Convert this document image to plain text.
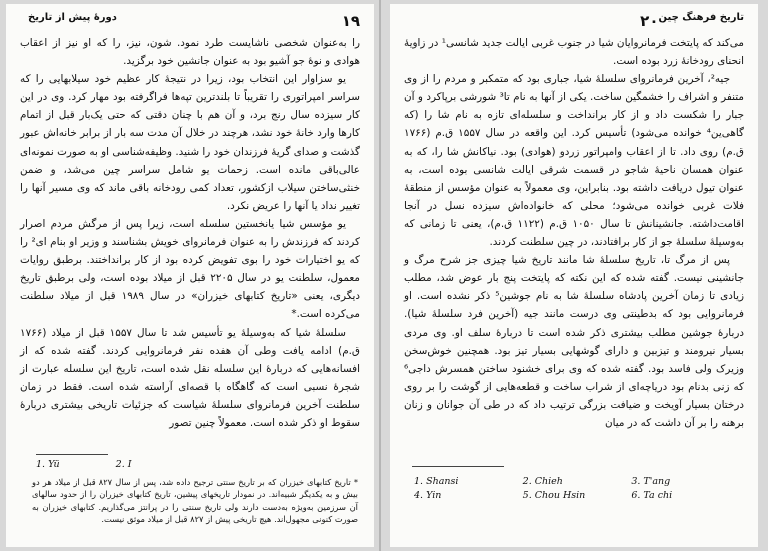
۱۹
دورهٔ پیش از تاریخ

را به‌عنوان شخصی ناشایست طرد نمود. شون، نیز، را که او نیز از اعقاب هوادی و نوهٔ جو آشیو بود به عنوان جانشین خود برگزید.

یو سزاوار این انتخاب بود، زیرا در نتیجهٔ کار عظیم خود سیلابهایی را که سراسر امپراتوری را تقریباً تا بلندترین تپه‌ها فراگرفته بود مهار کرد. وی در این کار سیزده سال رنج برد، و آن هم با چنان دقتی که حتی یک‌بار قبل از اتمام کارها وارد خانهٔ خود نشد، هرچند در خلال آن مدت سه بار از برابر خانه‌اش عبور گذشت و صدای گریهٔ فرزندان خود را شنید. وظیفه‌شناسی او به صورت نمونه‌ای عالی‌باقی مانده است. زحمات یو شامل سراسر چین می‌شد، و ضمن خنثی‌ساختن سیلاب ازکشور، تعداد کمی رودخانه باقی ماند که وی مسیر آنها را تغییر نداد یا آنها را عریض نکرد.

یو مؤسس شیا یانخستین سلسله است، زیرا پس از مرگش مردم اصرار کردند که فرزندش را به عنوان فرمانروای خویش بشناسند و وزیر او بنام ای² را که یو اختیارات خود را بوی تفویض کرده بود از کار برانداختند. برطبق روایات معمول، سلطنت یو در سال ۲۲۰۵ قبل از میلاد بوده است، ولی برطبق تاریخ دیگری، یعنی «تاریخ کتابهای خیزران» در سال ۱۹۸۹ قبل از میلاد سلطنت می‌کرده است.*

سلسلهٔ شیا که به‌وسیلهٔ یو تأسیس شد تا سال ۱۵۵۷ قبل از میلاد (۱۷۶۶ ق.م) ادامه یافت وطی آن هفده نفر فرمانروایی کردند. گفته شده که از افسانه‌هایی که درباره‌ٔ این سلسله نقل شده است، تاریخ این سلسله عبارت از شجرهٔ نسبی است که گاهگاه با قصه‌ای آراسته شده است. فقط در زمان سلطنت آخرین فرمانروای سلسلهٔ شیاست که جزئیات تاریخی بیشتری دربارهٔ سقوط او ذکر شده است. معمولاً چنین تصور

1. Yü	2. I
* تاریخ کتابهای خیزران که بر تاریخ سنتی ترجیح داده شد، پس از سال ۸۲۷ قبل از میلاد هر دو بیش و به یکدیگر شبیه‌اند. در نمودار تاریخهای پیشین، تاریخ کتابهای خیزران را از حدود سالهای آن سرزمین به‌ویژه به‌دست دارند ولی تاریخ سنتی را در پرانتز می‌گذاریم. کتابهای خیزران به صورت کنونی مجهول‌اند. هیچ تاریخی پیش از ۸۲۷ قبل از میلاد موثق نیست.
۲۰ تاریخ فرهنگ چین

می‌کند که پایتخت فرمانروایان شیا در جنوب غربی ایالت جدید شانسی¹ در زاویهٔ انحنای رودخانهٔ زرد بوده است.

جیه²، آخرین فرمانروای سلسلهٔ شیا، جباری بود که متمکبر و مردم را از وی متنفر و اشراف را خشمگین ساخت. یکی از آنها به نام تا³ شورشی برپاکرد و آن جبار را شکست داد و از کار برانداخت و سلسله‌ای تازه به نام شا را (که گاهی‌ین⁴ خوانده می‌شود) تأسیس کرد. این واقعه در سال ۱۵۵۷ ق.م (۱۷۶۶ ق.م) روی داد. تا از اعقاب وامپراتور زردو (هوادی) بود. نیاکانش شا را، که به عنوان همسان ناحیهٔ شاجو در قسمت شرقی ایالت شانسی بوده است، به عنوان تیول دریافت داشته بود. بنابراین، وی معمولاً به عنوان مؤسس از منطقهٔ فلات غربی خوانده می‌شود؛ محلی که خانواده‌اش سیزده نسل در آنجا اقامت‌داشته. جانشینانش تا سال ۱۰۵۰ ق.م (۱۱۲۲ ق.م)، یعنی تا زمانی که به‌وسیلهٔ سلسلهٔ جو از کار برافتادند، در چین سلطنت کردند.

پس از مرگ تا، تاریخ سلسلهٔ شا مانند تاریخ شیا چیزی جز شرح مرگ و جانشینی نیست. گفته شده که این نکته که پایتخت پنج بار عوض شد، مطلب زیادی تا زمان آخرین پادشاه سلسلهٔ شا به نام جوشین⁵ ذکر نشده است. او فرمانروایی بود که بدطینتی وی درست مانند جیه (آخرین فرد سلسلهٔ شیا). دربارهٔ جوشین مطلب بیشتری ذکر شده است تا دربارهٔ سلف او. وی مردی بسیار نیرومند و تیزبین و دارای گوشهایی بسیار تیز بود. همچنین خوش‌سخن وزیرک ولی فاسد بود. گفته شده که وی برای خشنود ساختن همسرش داجی⁶ که زنی بدنام بود دریاچه‌ای از شراب ساخت و قطعه‌هایی از گوشت را بر روی درختان بسیار آویخت و ضیافت بزرگی ترتیب داد که در طی آن جوانان و زنان برهنه را بر آن داشت که در میان

1. Shansi	2. Chieh	3. T'ang
4. Yin	5. Chou Hsin	6. Ta chi
